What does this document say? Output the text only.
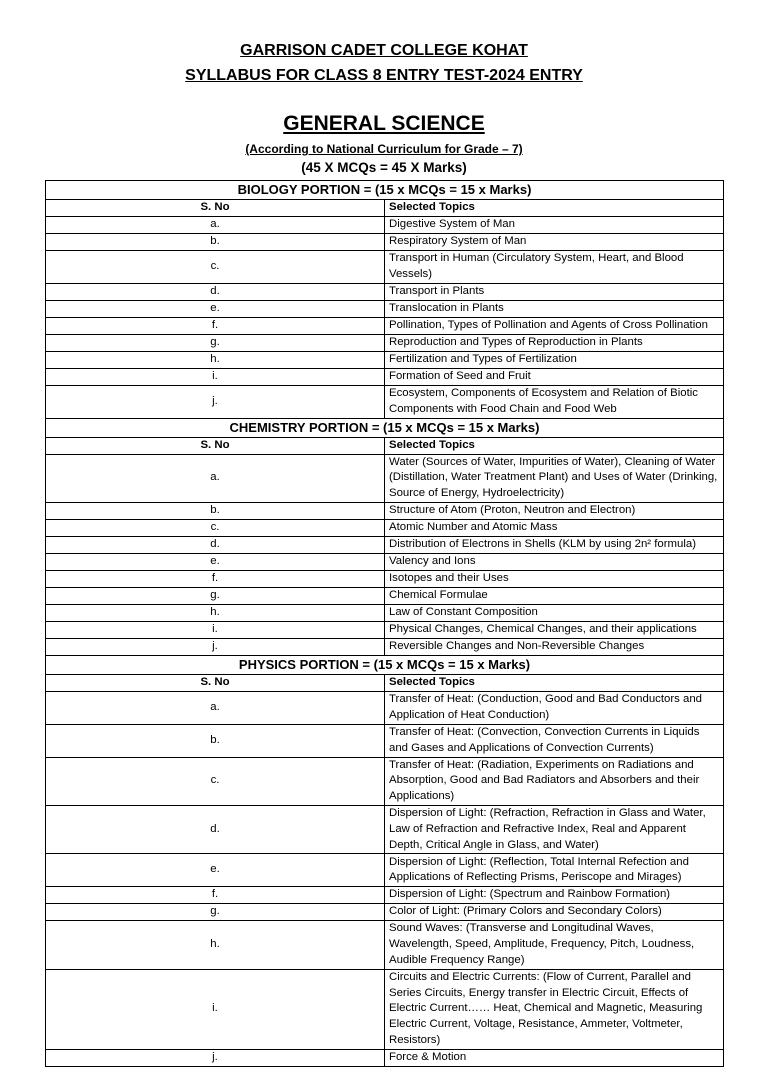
GARRISON CADET COLLEGE KOHAT
SYLLABUS FOR CLASS 8 ENTRY TEST-2024 ENTRY
GENERAL SCIENCE
(According to National Curriculum for Grade – 7)
(45 X MCQs = 45 X Marks)
BIOLOGY PORTION = (15 x MCQs = 15 x Marks)	
S. No	Selected Topics
a.	Digestive System of Man
b.	Respiratory System of Man
c.	Transport in Human (Circulatory System, Heart, and Blood Vessels)
d.	Transport in Plants
e.	Translocation in Plants
f.	Pollination, Types of Pollination and Agents of Cross Pollination
g.	Reproduction and Types of Reproduction in Plants
h.	Fertilization and Types of Fertilization
i.	Formation of Seed and Fruit
j.	Ecosystem, Components of Ecosystem and Relation of Biotic Components with Food Chain and Food Web
CHEMISTRY PORTION = (15 x MCQs = 15 x Marks)	
S. No	Selected Topics
a.	Water (Sources of Water, Impurities of Water), Cleaning of Water (Distillation, Water Treatment Plant) and Uses of Water (Drinking, Source of Energy, Hydroelectricity)
b.	Structure of Atom (Proton, Neutron and Electron)
c.	Atomic Number and Atomic Mass
d.	Distribution of Electrons in Shells (KLM by using 2n² formula)
e.	Valency and Ions
f.	Isotopes and their Uses
g.	Chemical Formulae
h.	Law of Constant Composition
i.	Physical Changes, Chemical Changes, and their applications
j.	Reversible Changes and Non-Reversible Changes
PHYSICS PORTION = (15 x MCQs = 15 x Marks)	
S. No	Selected Topics
a.	Transfer of Heat: (Conduction, Good and Bad Conductors and Application of Heat Conduction)
b.	Transfer of Heat: (Convection, Convection Currents in Liquids and Gases and Applications of Convection Currents)
c.	Transfer of Heat: (Radiation, Experiments on Radiations and Absorption, Good and Bad Radiators and Absorbers and their Applications)
d.	Dispersion of Light: (Refraction, Refraction in Glass and Water, Law of Refraction and Refractive Index, Real and Apparent Depth, Critical Angle in Glass, and Water)
e.	Dispersion of Light: (Reflection, Total Internal Refection and Applications of Reflecting Prisms, Periscope and Mirages)
f.	Dispersion of Light: (Spectrum and Rainbow Formation)
g.	Color of Light: (Primary Colors and Secondary Colors)
h.	Sound Waves: (Transverse and Longitudinal Waves, Wavelength, Speed, Amplitude, Frequency, Pitch, Loudness, Audible Frequency Range)
i.	Circuits and Electric Currents: (Flow of Current, Parallel and Series Circuits, Energy transfer in Electric Circuit, Effects of Electric Current…… Heat, Chemical and Magnetic, Measuring Electric Current, Voltage, Resistance, Ammeter, Voltmeter, Resistors)
j.	Force & Motion
